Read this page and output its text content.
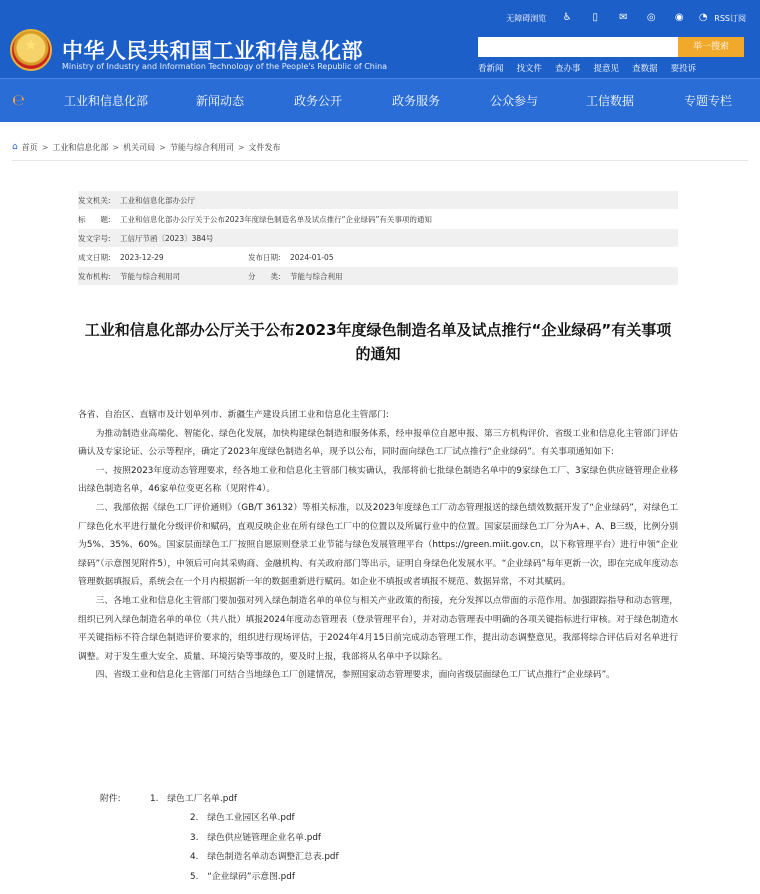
★ 中华人民共和国工业和信息化部
Ministry of Industry and Information Technology of the People's Republic of China
无障碍浏览 ♿	▯	✉ ◎ ◉ ◔ RSS订阅
举一搜索
看新闻 找文件 查办事 提意见 查数据 要投诉
℮	工业和信息化部	新闻动态	政务公开	政务服务	公众参与	工信数据	专题专栏
⌂ 首页 > 工业和信息化部 > 机关司局 > 节能与综合利用司 > 文件发布
发文机关: 工业和信息化部办公厅
标　　题: 工业和信息化部办公厅关于公布2023年度绿色制造名单及试点推行“企业绿码”有关事项的通知
发文字号: 工信厅节函〔2023〕384号
成文日期: 2023-12-29	发布日期: 2024-01-05
发布机构: 节能与综合利用司	分　　类: 节能与综合利用
工业和信息化部办公厅关于公布2023年度绿色制造名单及试点推行“企业绿码”有关事项的通知

各省、自治区、直辖市及计划单列市、新疆生产建设兵团工业和信息化主管部门:

为推动制造业高端化、智能化、绿色化发展，加快构建绿色制造和服务体系，经申报单位自愿申报、第三方机构评价、省级工业和信息化主管部门评估确认及专家论证、公示等程序，确定了2023年度绿色制造名单，现予以公布，同时面向绿色工厂试点推行“企业绿码”。有关事项通知如下:

一、按照2023年度动态管理要求，经各地工业和信息化主管部门核实确认，我部将前七批绿色制造名单中的9家绿色工厂、3家绿色供应链管理企业移出绿色制造名单，46家单位变更名称（见附件4）。

二、我部依据《绿色工厂评价通则》（GB/T 36132）等相关标准，以及2023年度绿色工厂动态管理报送的绿色绩效数据开发了“企业绿码”，对绿色工厂绿色化水平进行量化分级评价和赋码，直观反映企业在所有绿色工厂中的位置以及所属行业中的位置。国家层面绿色工厂分为A+、A、B三级，比例分别为5%、35%、60%。国家层面绿色工厂按照自愿原则登录工业节能与绿色发展管理平台（https://green.miit.gov.cn，以下称管理平台）进行申领“企业绿码”（示意图见附件5），申领后可向其采购商、金融机构、有关政府部门等出示，证明自身绿色化发展水平。“企业绿码”每年更新一次，即在完成年度动态管理数据填报后，系统会在一个月内根据新一年的数据重新进行赋码。如企业不填报或者填报不规范、数据异常，不对其赋码。

三、各地工业和信息化主管部门要加强对列入绿色制造名单的单位与相关产业政策的衔接，充分发挥以点带面的示范作用。加强跟踪指导和动态管理，组织已列入绿色制造名单的单位（共八批）填报2024年度动态管理表（登录管理平台），并对动态管理表中明确的各项关键指标进行审核。对于绿色制造水平关键指标不符合绿色制造评价要求的，组织进行现场评估，于2024年4月15日前完成动态管理工作，提出动态调整意见，我部将综合评估后对名单进行调整。对于发生重大安全、质量、环境污染等事故的，要及时上报，我部将从名单中予以除名。

四、省级工业和信息化主管部门可结合当地绿色工厂创建情况，参照国家动态管理要求，面向省级层面绿色工厂试点推行“企业绿码”。

附件:	1.　绿色工厂名单.pdf
2.　绿色工业园区名单.pdf
3.　绿色供应链管理企业名单.pdf
4.　绿色制造名单动态调整汇总表.pdf
5.　“企业绿码”示意图.pdf
